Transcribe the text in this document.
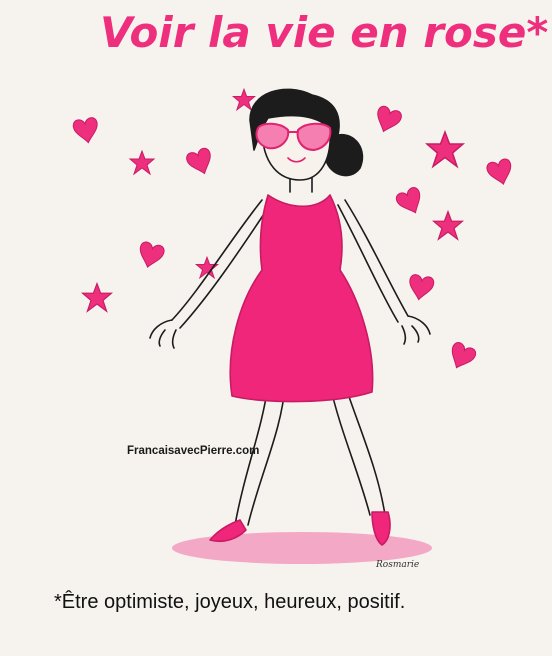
Voir la vie en rose*
FrancaisavecPierre.com
Rosmarie
*Être optimiste, joyeux, heureux, positif.
